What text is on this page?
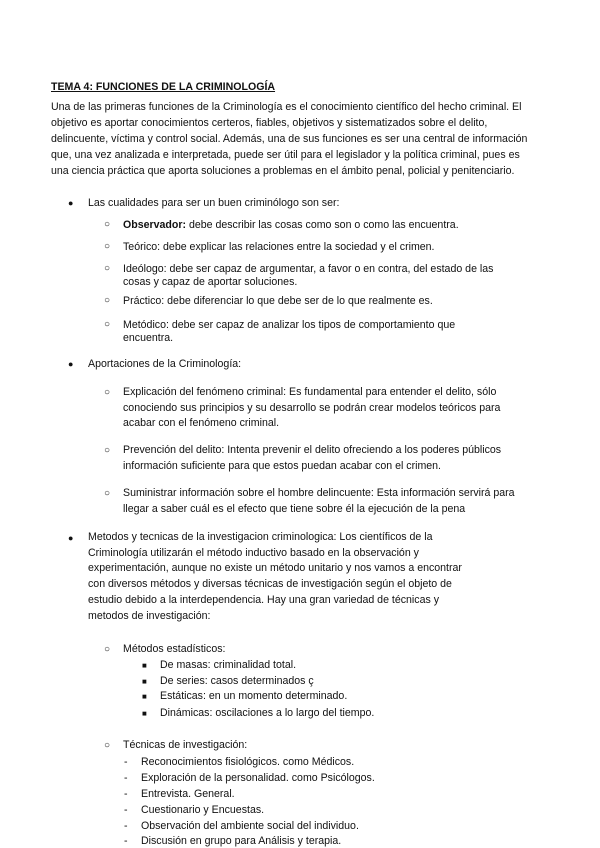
TEMA 4: FUNCIONES DE LA CRIMINOLOGÍA
Una de las primeras funciones de la Criminología es el conocimiento científico del hecho criminal. El objetivo es aportar conocimientos certeros, fiables, objetivos y sistematizados sobre el delito, delincuente, víctima y control social. Además, una de sus funciones es ser una central de información que, una vez analizada e interpretada, puede ser útil para el legislador y la política criminal, pues es una ciencia práctica que aporta soluciones a problemas en el ámbito penal, policial y penitenciario.
● Las cualidades para ser un buen criminólogo son ser:
○ Observador: debe describir las cosas como son o como las encuentra.
○ Teórico: debe explicar las relaciones entre la sociedad y el crimen.
○ Ideólogo: debe ser capaz de argumentar, a favor o en contra, del estado de las cosas y capaz de aportar soluciones.
○ Práctico: debe diferenciar lo que debe ser de lo que realmente es.
○ Metódico: debe ser capaz de analizar los tipos de comportamiento que encuentra.
● Aportaciones de la Criminología:
○ Explicación del fenómeno criminal: Es fundamental para entender el delito, sólo conociendo sus principios y su desarrollo se podrán crear modelos teóricos para acabar con el fenómeno criminal.
○ Prevención del delito: Intenta prevenir el delito ofreciendo a los poderes públicos información suficiente para que estos puedan acabar con el crimen.
○ Suministrar información sobre el hombre delincuente: Esta información servirá para llegar a saber cuál es el efecto que tiene sobre él la ejecución de la pena
● Metodos y tecnicas de la investigacion criminologica: Los científicos de la Criminología utilizarán el método inductivo basado en la observación y experimentación, aunque no existe un método unitario y nos vamos a encontrar con diversos métodos y diversas técnicas de investigación según el objeto de estudio debido a la interdependencia. Hay una gran variedad de técnicas y metodos de investigación:
○ Métodos estadísticos:
■ De masas: criminalidad total.
■ De series: casos determinados ç
■ Estáticas: en un momento determinado.
■ Dinámicas: oscilaciones a lo largo del tiempo.
○ Técnicas de investigación:
- Reconocimientos fisiológicos. como Médicos.
- Exploración de la personalidad. como Psicólogos.
- Entrevista. General.
- Cuestionario y Encuestas.
- Observación del ambiente social del individuo.
- Discusión en grupo para Análisis y terapia.
